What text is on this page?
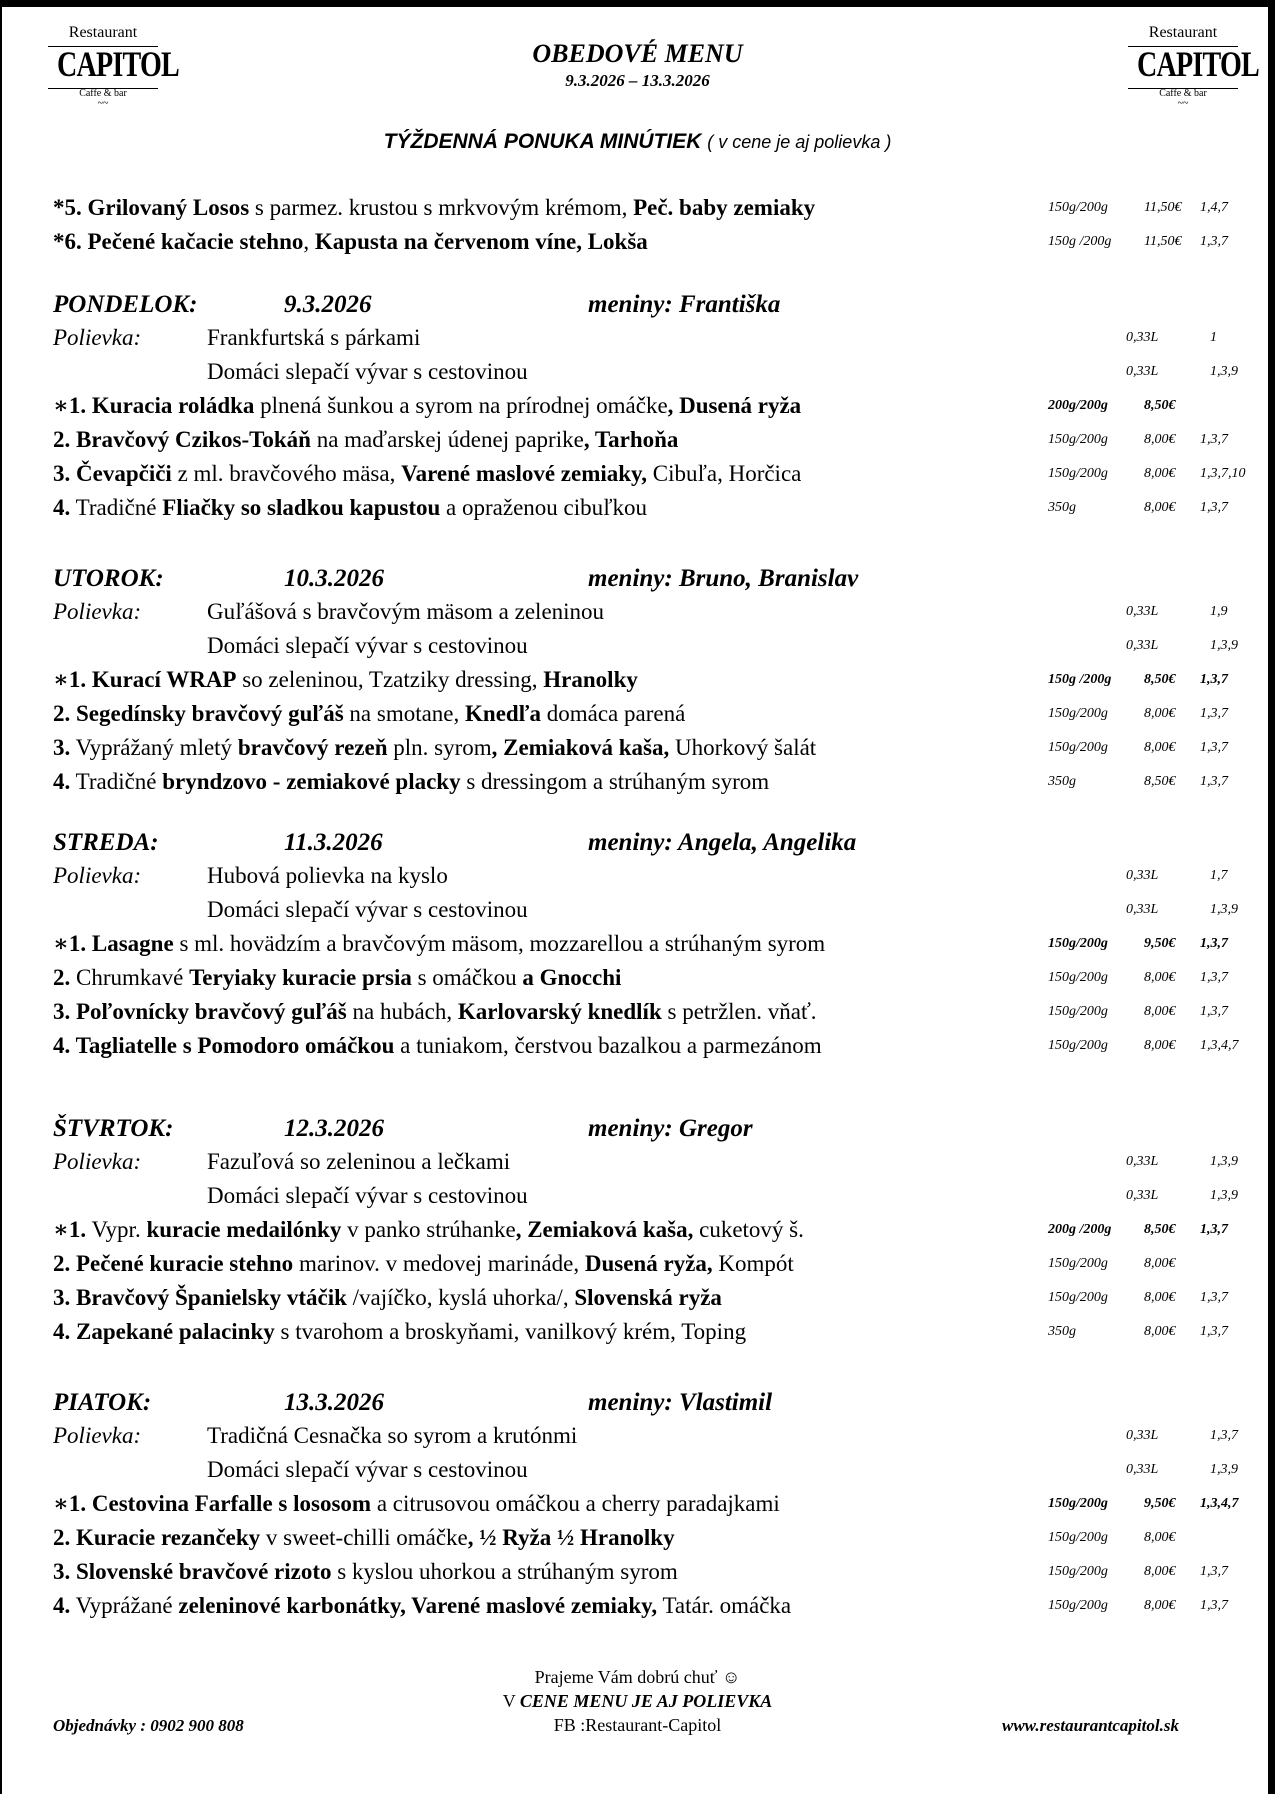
Restaurant
CAPITOL
Caffe & bar
~~
Restaurant
CAPITOL
Caffe & bar
~~
OBEDOVÉ MENU
9.3.2026 – 13.3.2026
TÝŽDENNÁ PONUKA MINÚTIEK ( v cene je aj polievka )
*5. Grilovaný Losos s parmez. krustou s mrkvovým krémom, Peč. baby zemiaky	150g/200g	11,50€ 1,4,7
*6. Pečené kačacie stehno, Kapusta na červenom víne, Lokša	150g /200g 11,50€ 1,3,7
PONDELOK:	9.3.2026	meniny: Františka
Polievka:	Frankfurtská s párkami	0,33L	1
Domáci slepačí vývar s cestovinou	0,33L	1,3,9
∗1. Kuracia roládka plnená šunkou a syrom na prírodnej omáčke, Dusená ryža	200g/200g	8,50€
2. Bravčový Czikos-Tokáň na maďarskej údenej paprike, Tarhoňa	150g/200g	8,00€ 1,3,7
3. Čevapčiči z ml. bravčového mäsa, Varené maslové zemiaky, Cibuľa, Horčica	150g/200g	8,00€ 1,3,7,10
4. Tradičné Fliačky so sladkou kapustou a opraženou cibuľkou	350g	8,00€ 1,3,7
UTOROK:	10.3.2026	meniny: Bruno, Branislav
Polievka:	Guľášová s bravčovým mäsom a zeleninou	0,33L	1,9
Domáci slepačí vývar s cestovinou	0,33L	1,3,9
∗1. Kurací WRAP so zeleninou, Tzatziky dressing, Hranolky	150g /200g 8,50€ 1,3,7
2. Segedínsky bravčový guľáš na smotane, Knedľa domáca parená	150g/200g	8,00€ 1,3,7
3. Vyprážaný mletý bravčový rezeň pln. syrom, Zemiaková kaša, Uhorkový šalát	150g/200g	8,00€ 1,3,7
4. Tradičné bryndzovo - zemiakové placky s dressingom a strúhaným syrom	350g	8,50€ 1,3,7
STREDA:	11.3.2026	meniny: Angela, Angelika
Polievka:	Hubová polievka na kyslo	0,33L	1,7
Domáci slepačí vývar s cestovinou	0,33L	1,3,9
∗1. Lasagne s ml. hovädzím a bravčovým mäsom, mozzarellou a strúhaným syrom	150g/200g	9,50€ 1,3,7
2. Chrumkavé Teryiaky kuracie prsia s omáčkou a Gnocchi	150g/200g	8,00€ 1,3,7
3. Poľovnícky bravčový guľáš na hubách, Karlovarský knedlík s petržlen. vňať.	150g/200g	8,00€ 1,3,7
4. Tagliatelle s Pomodoro omáčkou a tuniakom, čerstvou bazalkou a parmezánom	150g/200g	8,00€ 1,3,4,7
ŠTVRTOK:	12.3.2026	meniny: Gregor
Polievka:	Fazuľová so zeleninou a lečkami	0,33L	1,3,9
Domáci slepačí vývar s cestovinou	0,33L	1,3,9
∗1. Vypr. kuracie medailónky v panko strúhanke, Zemiaková kaša, cuketový š.	200g /200g 8,50€ 1,3,7
2. Pečené kuracie stehno marinov. v medovej marináde, Dusená ryža, Kompót	150g/200g	8,00€
3. Bravčový Španielsky vtáčik /vajíčko, kyslá uhorka/, Slovenská ryža	150g/200g	8,00€ 1,3,7
4. Zapekané palacinky s tvarohom a broskyňami, vanilkový krém, Toping	350g	8,00€ 1,3,7
PIATOK:	13.3.2026	meniny: Vlastimil
Polievka:	Tradičná Cesnačka so syrom a krutónmi	0,33L	1,3,7
Domáci slepačí vývar s cestovinou	0,33L	1,3,9
∗1. Cestovina Farfalle s lososom a citrusovou omáčkou a cherry paradajkami	150g/200g	9,50€ 1,3,4,7
2. Kuracie rezančeky v sweet-chilli omáčke, ½ Ryža ½ Hranolky	150g/200g	8,00€
3. Slovenské bravčové rizoto s kyslou uhorkou a strúhaným syrom	150g/200g	8,00€ 1,3,7
4. Vyprážané zeleninové karbonátky, Varené maslové zemiaky, Tatár. omáčka	150g/200g	8,00€ 1,3,7
Prajeme Vám dobrú chuť ☺
V CENE MENU JE AJ POLIEVKA
FB :Restaurant-Capitol
Objednávky : 0902 900 808	www.restaurantcapitol.sk
